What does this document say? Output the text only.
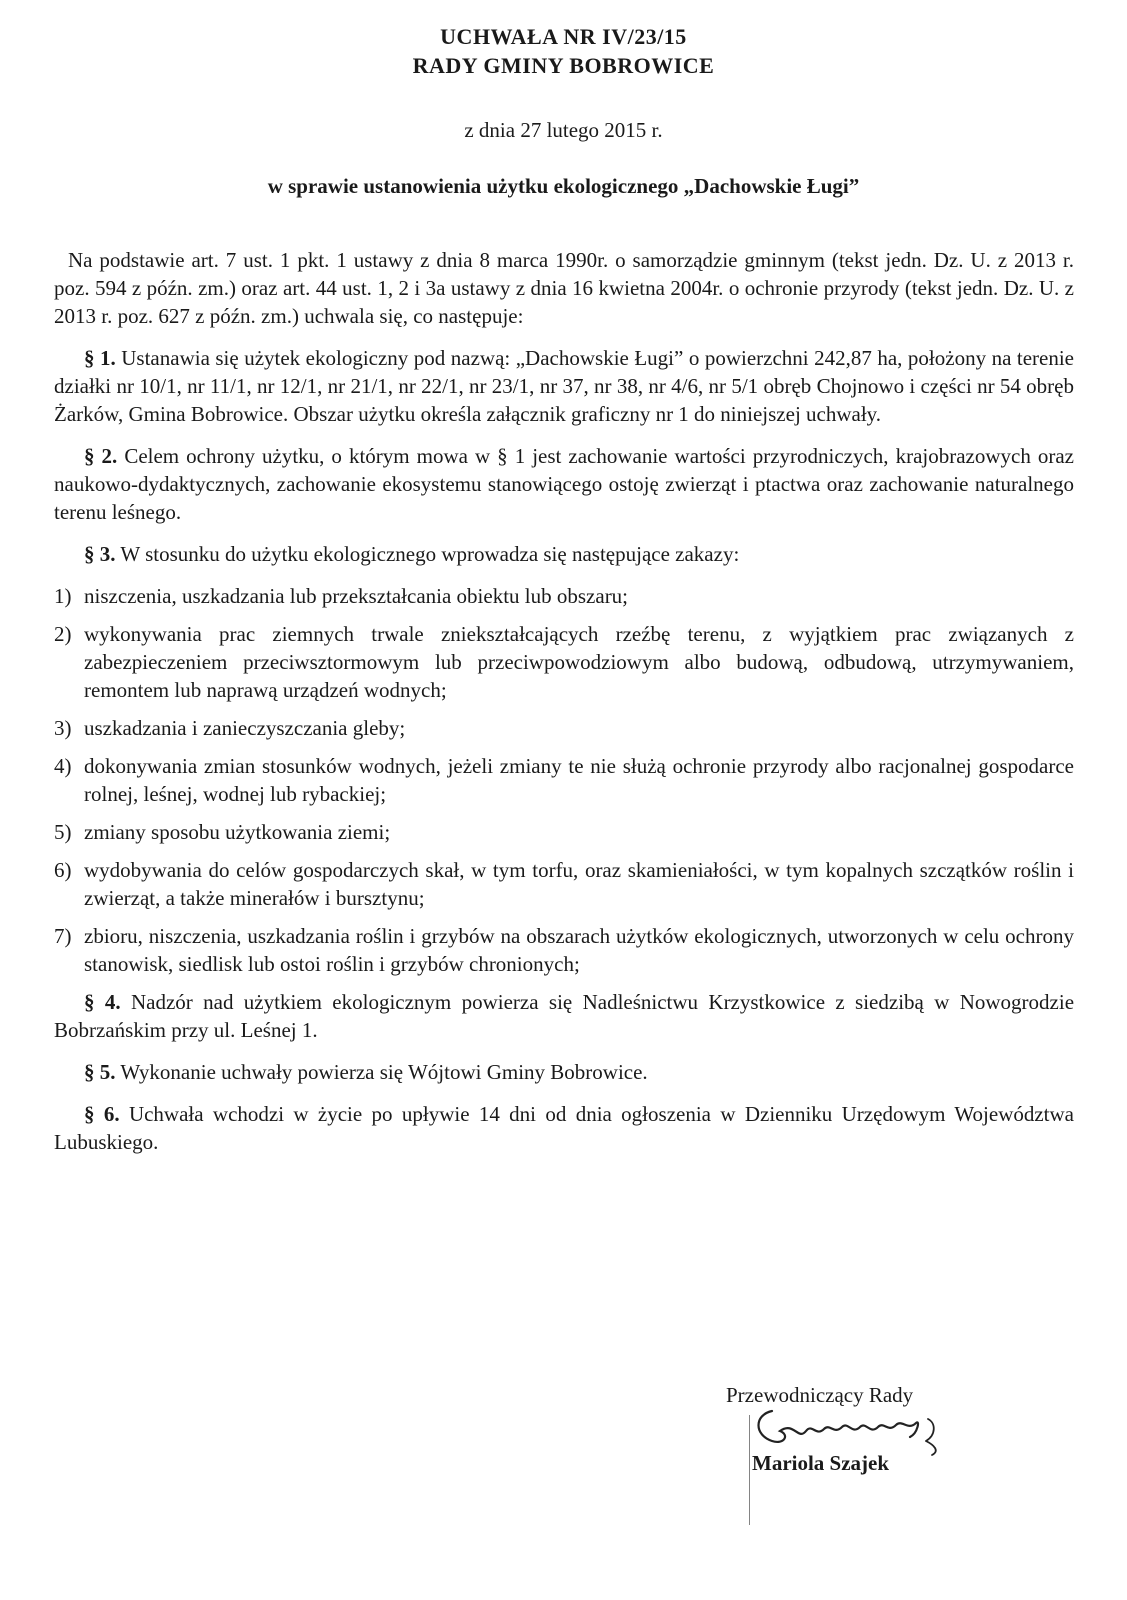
UCHWAŁA NR IV/23/15
RADY GMINY BOBROWICE
z dnia 27 lutego 2015 r.
w sprawie ustanowienia użytku ekologicznego „Dachowskie Ługi”

Na podstawie art. 7 ust. 1 pkt. 1 ustawy z dnia 8 marca 1990r. o samorządzie gminnym (tekst jedn. Dz. U. z 2013 r. poz. 594 z późn. zm.) oraz art. 44 ust. 1, 2 i 3a ustawy z dnia 16 kwietna 2004r. o ochronie przyrody (tekst jedn. Dz. U. z 2013 r. poz. 627 z późn. zm.) uchwala się, co następuje:

§ 1. Ustanawia się użytek ekologiczny pod nazwą: „Dachowskie Ługi” o powierzchni 242,87 ha, położony na terenie działki nr 10/1, nr 11/1, nr 12/1, nr 21/1, nr 22/1, nr 23/1, nr 37, nr 38, nr 4/6, nr 5/1 obręb Chojnowo i części nr 54 obręb Żarków, Gmina Bobrowice. Obszar użytku określa załącznik graficzny nr 1 do niniejszej uchwały.

§ 2. Celem ochrony użytku, o którym mowa w § 1 jest zachowanie wartości przyrodniczych, krajobrazowych oraz naukowo-dydaktycznych, zachowanie ekosystemu stanowiącego ostoję zwierząt i ptactwa oraz zachowanie naturalnego terenu leśnego.

§ 3. W stosunku do użytku ekologicznego wprowadza się następujące zakazy:

1) niszczenia, uszkadzania lub przekształcania obiektu lub obszaru;
2) wykonywania prac ziemnych trwale zniekształcających rzeźbę terenu, z wyjątkiem prac związanych z zabezpieczeniem przeciwsztormowym lub przeciwpowodziowym albo budową, odbudową, utrzymywaniem, remontem lub naprawą urządzeń wodnych;
3) uszkadzania i zanieczyszczania gleby;
4) dokonywania zmian stosunków wodnych, jeżeli zmiany te nie służą ochronie przyrody albo racjonalnej gospodarce rolnej, leśnej, wodnej lub rybackiej;
5) zmiany sposobu użytkowania ziemi;
6) wydobywania do celów gospodarczych skał, w tym torfu, oraz skamieniałości, w tym kopalnych szczątków roślin i zwierząt, a także minerałów i bursztynu;
7) zbioru, niszczenia, uszkadzania roślin i grzybów na obszarach użytków ekologicznych, utworzonych w celu ochrony stanowisk, siedlisk lub ostoi roślin i grzybów chronionych;

§ 4. Nadzór nad użytkiem ekologicznym powierza się Nadleśnictwu Krzystkowice z siedzibą w Nowogrodzie Bobrzańskim przy ul. Leśnej 1.

§ 5. Wykonanie uchwały powierza się Wójtowi Gminy Bobrowice.

§ 6. Uchwała wchodzi w życie po upływie 14 dni od dnia ogłoszenia w Dzienniku Urzędowym Województwa Lubuskiego.

Przewodniczący Rady
Mariola Szajek
